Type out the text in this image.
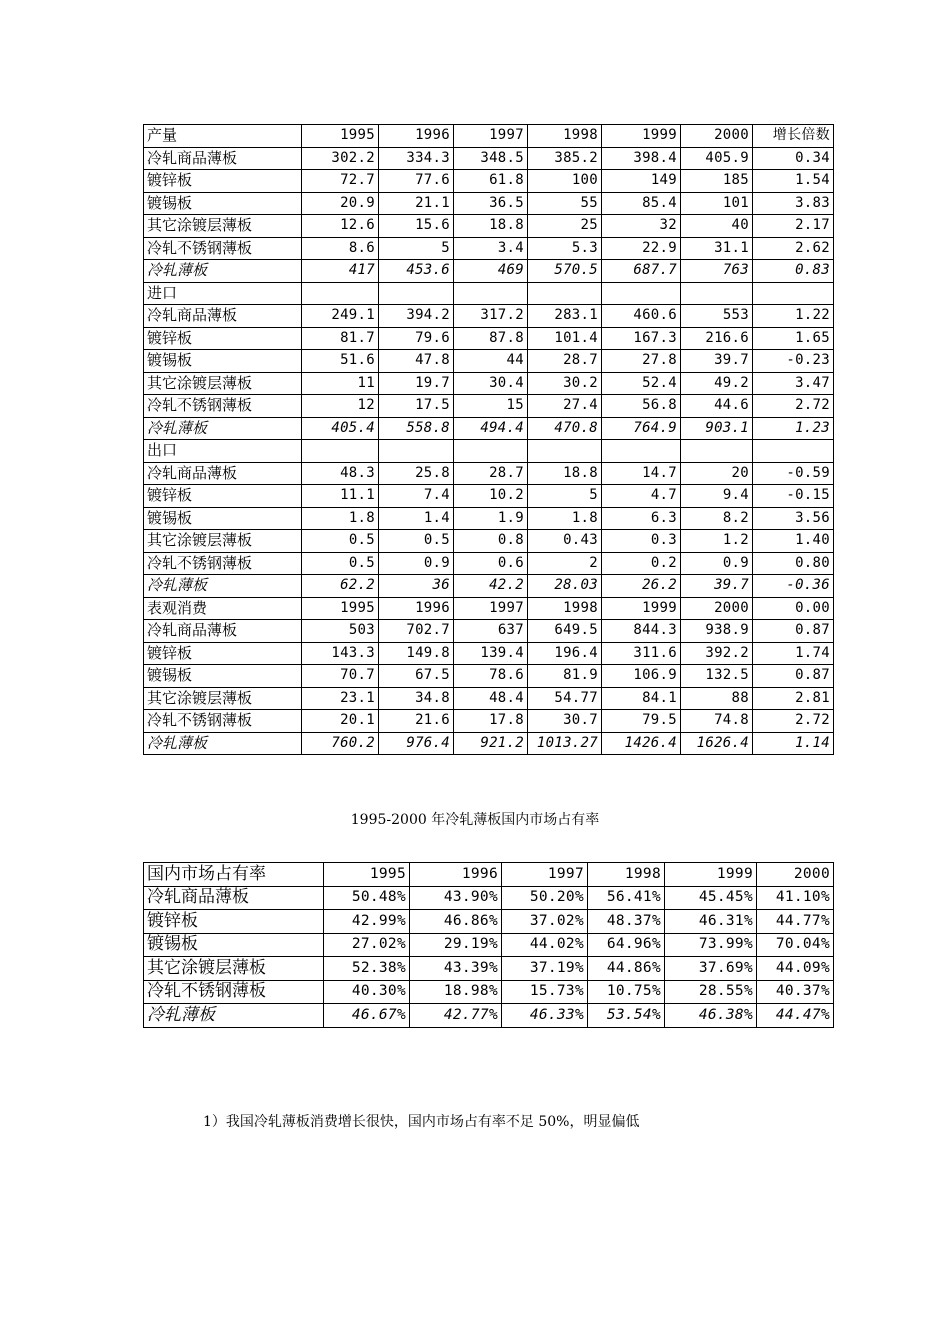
产量	1995	1996	1997	1998	1999	2000	增长倍数
冷轧商品薄板	302.2	334.3	348.5	385.2	398.4	405.9	0.34
镀锌板	72.7	77.6	61.8	100	149	185	1.54
镀锡板	20.9	21.1	36.5	55	85.4	101	3.83
其它涂镀层薄板	12.6	15.6	18.8	25	32	40	2.17
冷轧不锈钢薄板	8.6	5	3.4	5.3	22.9	31.1	2.62
冷轧薄板	417	453.6	469	570.5	687.7	763	0.83
进口							
冷轧商品薄板	249.1	394.2	317.2	283.1	460.6	553	1.22
镀锌板	81.7	79.6	87.8	101.4	167.3	216.6	1.65
镀锡板	51.6	47.8	44	28.7	27.8	39.7	-0.23
其它涂镀层薄板	11	19.7	30.4	30.2	52.4	49.2	3.47
冷轧不锈钢薄板	12	17.5	15	27.4	56.8	44.6	2.72
冷轧薄板	405.4	558.8	494.4	470.8	764.9	903.1	1.23
出口							
冷轧商品薄板	48.3	25.8	28.7	18.8	14.7	20	-0.59
镀锌板	11.1	7.4	10.2	5	4.7	9.4	-0.15
镀锡板	1.8	1.4	1.9	1.8	6.3	8.2	3.56
其它涂镀层薄板	0.5	0.5	0.8	0.43	0.3	1.2	1.40
冷轧不锈钢薄板	0.5	0.9	0.6	2	0.2	0.9	0.80
冷轧薄板	62.2	36	42.2	28.03	26.2	39.7	-0.36
表观消费	1995	1996	1997	1998	1999	2000	0.00
冷轧商品薄板	503	702.7	637	649.5	844.3	938.9	0.87
镀锌板	143.3	149.8	139.4	196.4	311.6	392.2	1.74
镀锡板	70.7	67.5	78.6	81.9	106.9	132.5	0.87
其它涂镀层薄板	23.1	34.8	48.4	54.77	84.1	88	2.81
冷轧不锈钢薄板	20.1	21.6	17.8	30.7	79.5	74.8	2.72
冷轧薄板	760.2	976.4	921.2	1013.27	1426.4	1626.4	1.14
1995-2000 年冷轧薄板国内市场占有率
国内市场占有率	1995	1996	1997	1998	1999	2000
冷轧商品薄板	50.48%	43.90%	50.20%	56.41%	45.45%	41.10%
镀锌板	42.99%	46.86%	37.02%	48.37%	46.31%	44.77%
镀锡板	27.02%	29.19%	44.02%	64.96%	73.99%	70.04%
其它涂镀层薄板	52.38%	43.39%	37.19%	44.86%	37.69%	44.09%
冷轧不锈钢薄板	40.30%	18.98%	15.73%	10.75%	28.55%	40.37%
冷轧薄板	46.67%	42.77%	46.33%	53.54%	46.38%	44.47%
1）我国冷轧薄板消费增长很快，国内市场占有率不足 50%，明显偏低
